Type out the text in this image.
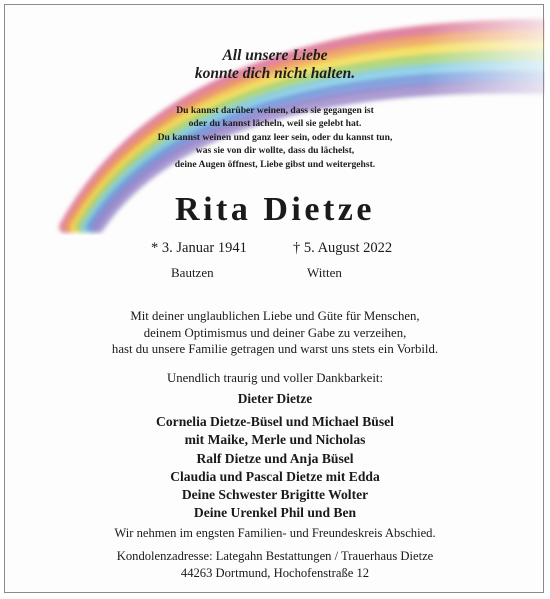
All unsere Liebe
konnte dich nicht halten.
Du kannst darüber weinen, dass sie gegangen ist
oder du kannst lächeln, weil sie gelebt hat.
Du kannst weinen und ganz leer sein, oder du kannst tun,
was sie von dir wollte, dass du lächelst,
deine Augen öffnest, Liebe gibst und weitergehst.
Rita Dietze
* 3. Januar 1941	† 5. August 2022
Bautzen	Witten
Mit deiner unglaublichen Liebe und Güte für Menschen,
deinem Optimismus und deiner Gabe zu verzeihen,
hast du unsere Familie getragen und warst uns stets ein Vorbild.
Unendlich traurig und voller Dankbarkeit:
Dieter Dietze
Cornelia Dietze-Büsel und Michael Büsel
mit Maike, Merle und Nicholas
Ralf Dietze und Anja Büsel
Claudia und Pascal Dietze mit Edda
Deine Schwester Brigitte Wolter
Deine Urenkel Phil und Ben
Wir nehmen im engsten Familien- und Freundeskreis Abschied.
Kondolenzadresse: Lategahn Bestattungen / Trauerhaus Dietze
44263 Dortmund, Hochofenstraße 12
